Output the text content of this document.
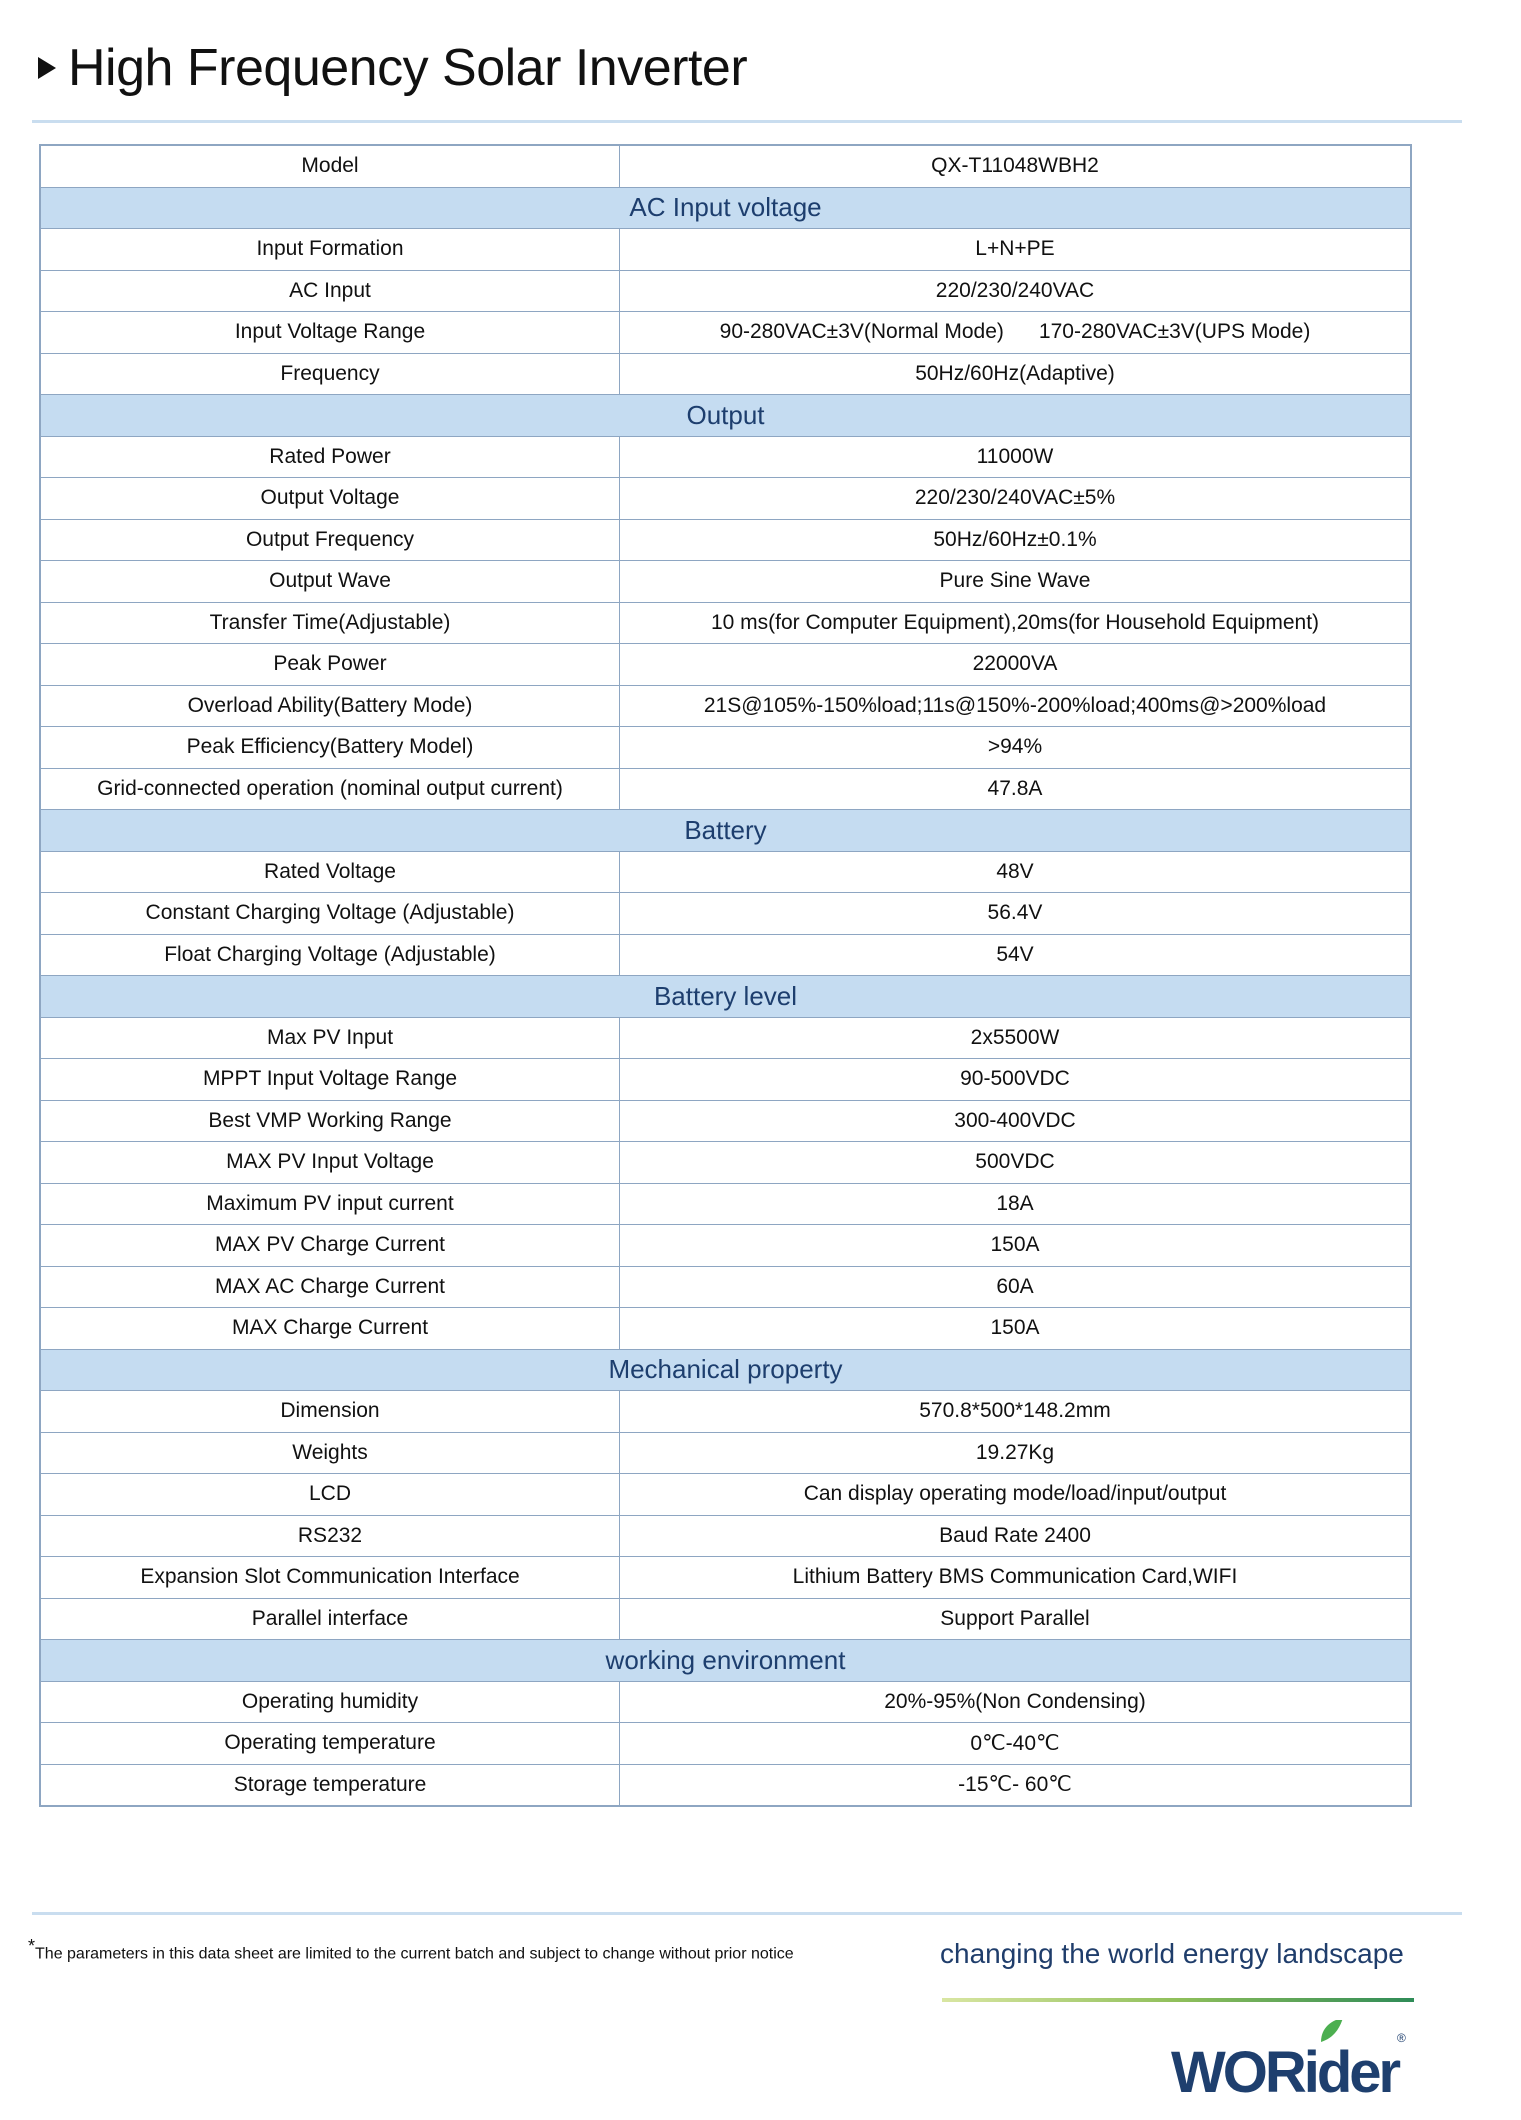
High Frequency Solar Inverter
Model	QX-T11048WBH2
AC Input voltage	
Input Formation	L+N+PE
AC Input	220/230/240VAC
Input Voltage Range	90-280VAC±3V(Normal Mode)      170-280VAC±3V(UPS Mode)
Frequency	50Hz/60Hz(Adaptive)
Output	
Rated Power	11000W
Output Voltage	220/230/240VAC±5%
Output Frequency	50Hz/60Hz±0.1%
Output Wave	Pure Sine Wave
Transfer Time(Adjustable)	10 ms(for Computer Equipment),20ms(for Household Equipment)
Peak Power	22000VA
Overload Ability(Battery Mode)	21S@105%-150%load;11s@150%-200%load;400ms@>200%load
Peak Efficiency(Battery Model)	>94%
Grid-connected operation (nominal output current)	47.8A
Battery	
Rated Voltage	48V
Constant Charging Voltage (Adjustable)	56.4V
Float Charging Voltage (Adjustable)	54V
Battery level	
Max PV Input	2x5500W
MPPT Input Voltage Range	90-500VDC
Best VMP Working Range	300-400VDC
MAX PV Input Voltage	500VDC
Maximum PV input current	18A
MAX PV Charge Current	150A
MAX AC Charge Current	60A
MAX Charge Current	150A
Mechanical property	
Dimension	570.8*500*148.2mm
Weights	19.27Kg
LCD	Can display operating mode/load/input/output
RS232	Baud Rate 2400
Expansion Slot Communication Interface	Lithium Battery BMS Communication Card,WIFI
Parallel interface	Support Parallel
working environment	
Operating humidity	20%-95%(Non Condensing)
Operating temperature	0℃-40℃
Storage temperature	-15℃- 60℃
*The parameters in this data sheet are limited to the current batch and subject to change without prior notice	changing the world energy landscape
WORider
®
